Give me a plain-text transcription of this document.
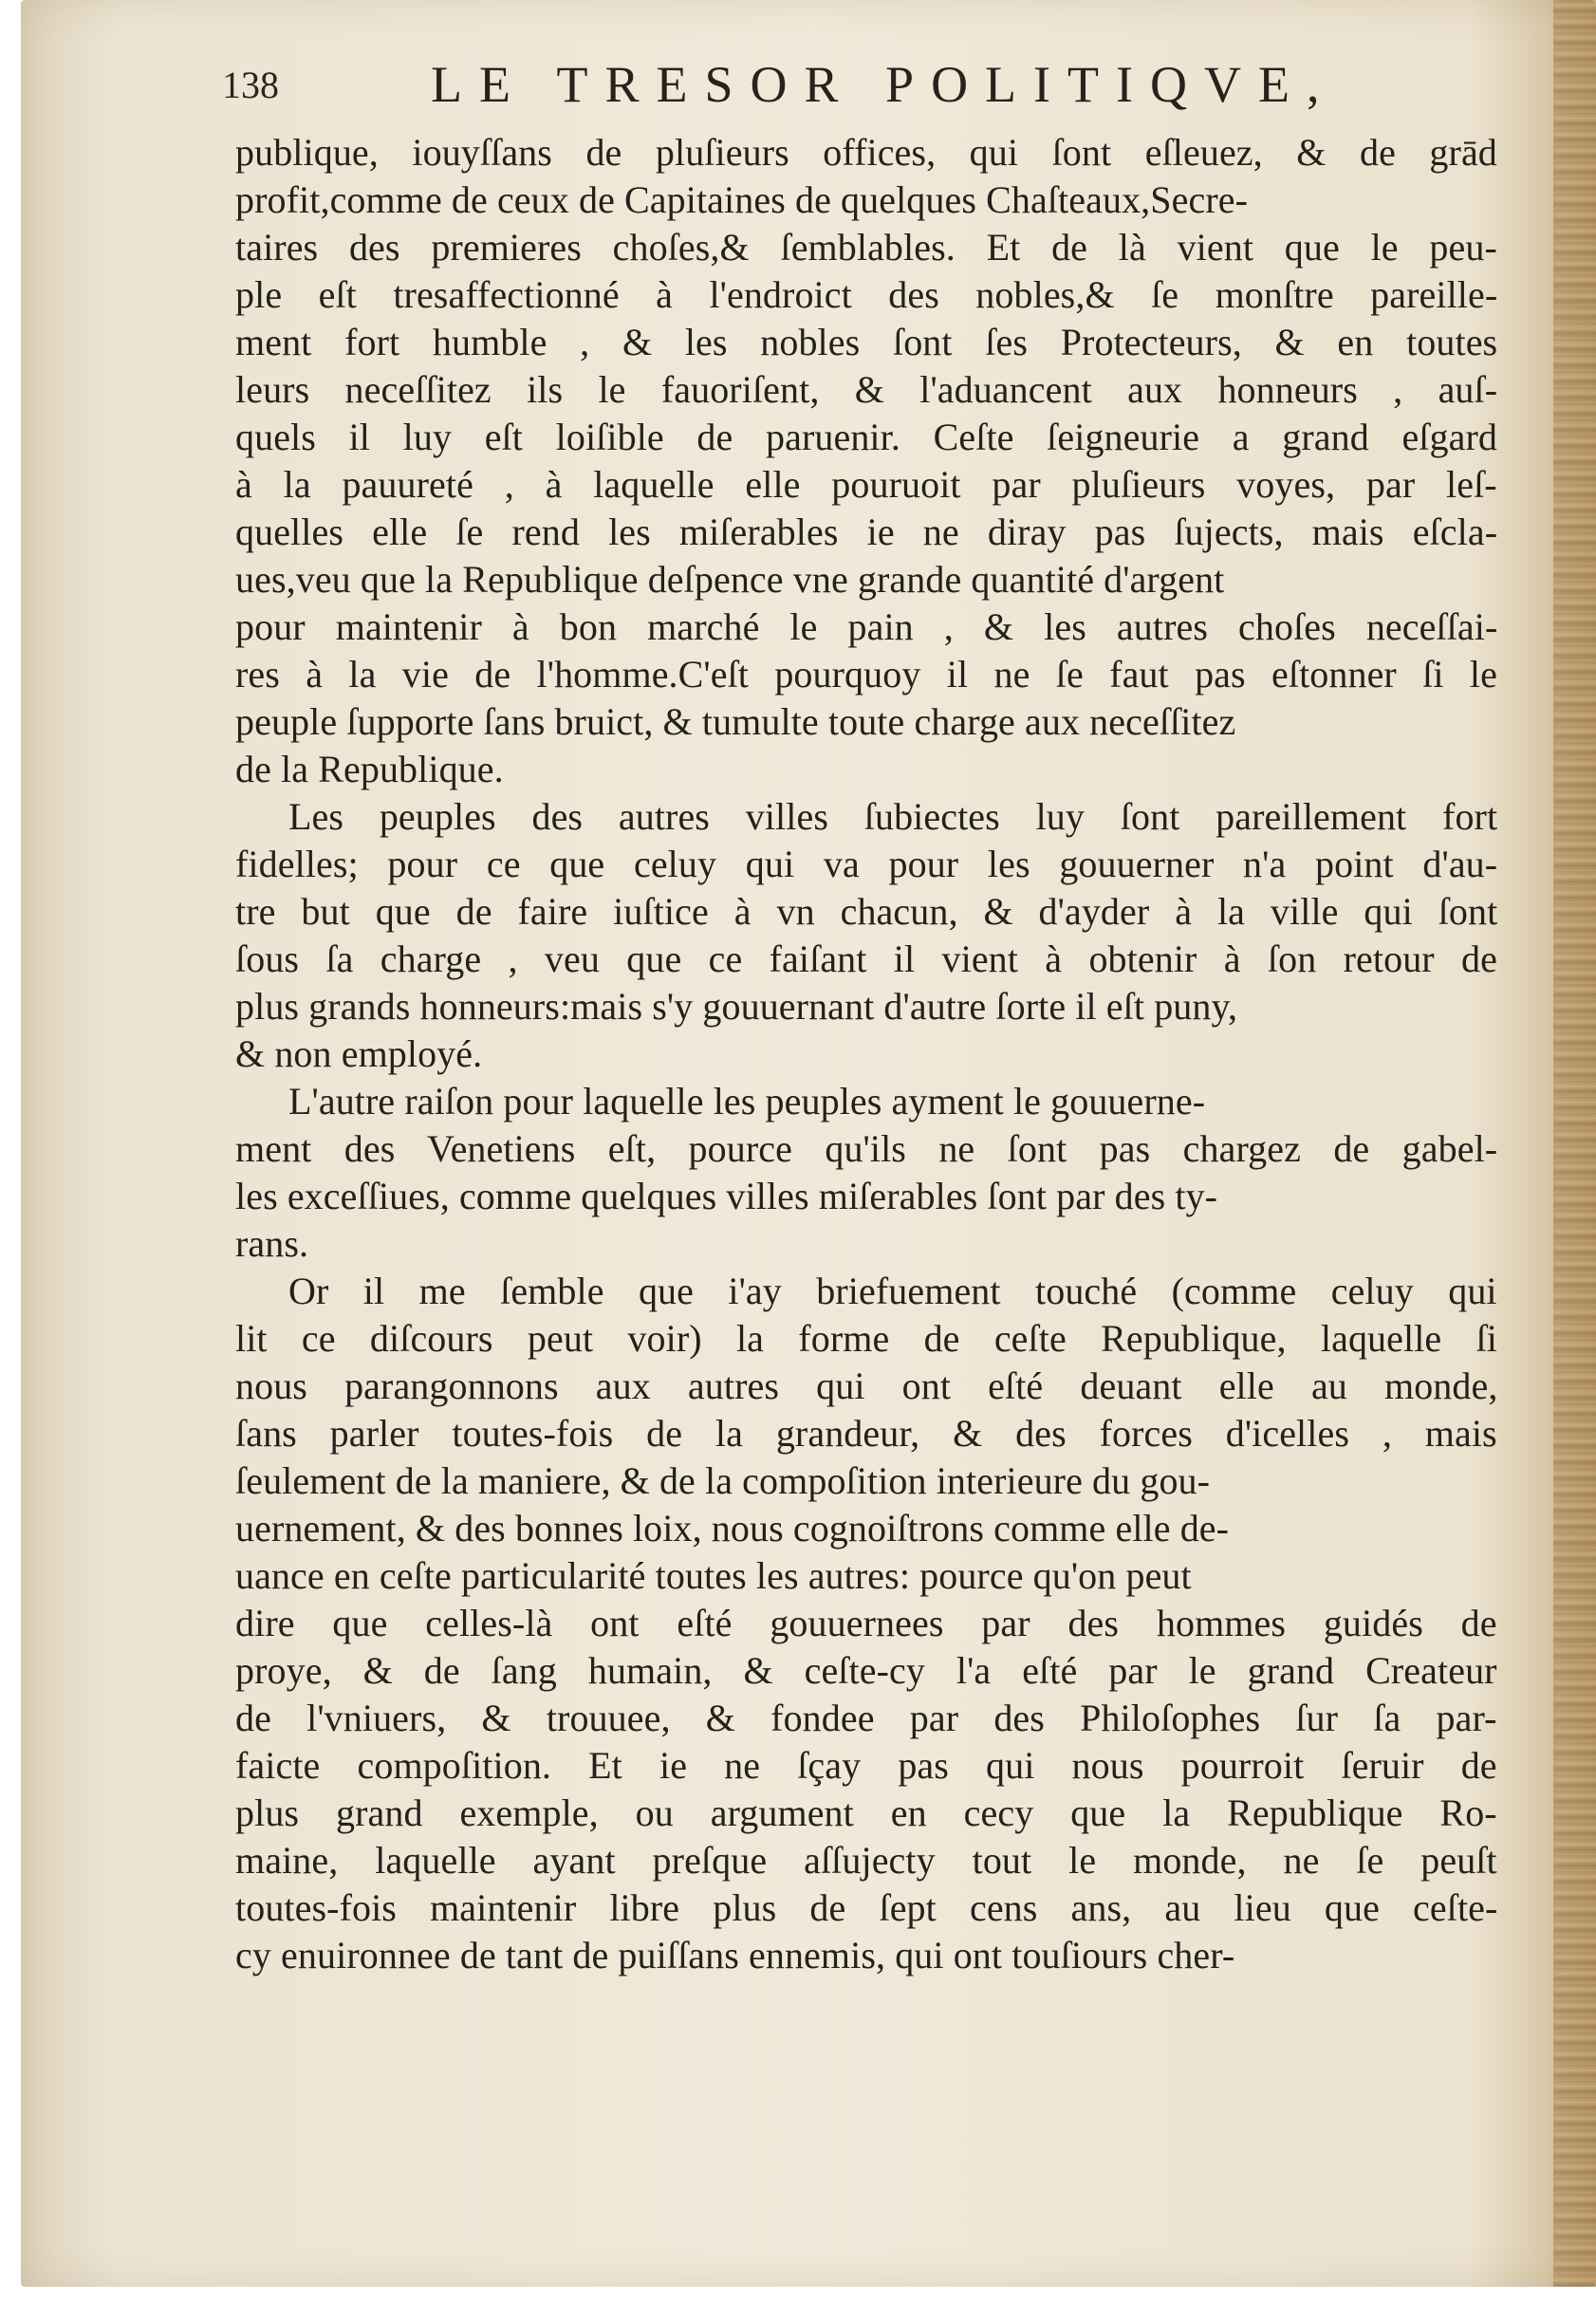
138	LE TRESOR POLITIQVE,
publique, iouyſſans de pluſieurs offices, qui ſont eſleuez, & de grād
profit,comme de ceux de Capitaines de quelques Chaſteaux,Secre-
taires des premieres choſes,& ſemblables. Et de là vient que le peu-
ple eſt tresaffectionné à l'endroict des nobles,& ſe monſtre pareille-
ment fort humble , & les nobles ſont ſes Protecteurs, & en toutes
leurs neceſſitez ils le fauoriſent, & l'aduancent aux honneurs , auſ-
quels il luy eſt loiſible de paruenir. Ceſte ſeigneurie a grand eſgard
à la pauureté , à laquelle elle pouruoit par pluſieurs voyes, par leſ-
quelles elle ſe rend les miſerables ie ne diray pas ſujects, mais eſcla-
ues,veu que la Republique deſpence vne grande quantité d'argent
pour maintenir à bon marché le pain , & les autres choſes neceſſai-
res à la vie de l'homme.C'eſt pourquoy il ne ſe faut pas eſtonner ſi le
peuple ſupporte ſans bruict, & tumulte toute charge aux neceſſitez
de la Republique.
Les peuples des autres villes ſubiectes luy ſont pareillement fort
fidelles; pour ce que celuy qui va pour les gouuerner n'a point d'au-
tre but que de faire iuſtice à vn chacun, & d'ayder à la ville qui ſont
ſous ſa charge , veu que ce faiſant il vient à obtenir à ſon retour de
plus grands honneurs:mais s'y gouuernant d'autre ſorte il eſt puny,
& non employé.
L'autre raiſon pour laquelle les peuples ayment le gouuerne-
ment des Venetiens eſt, pource qu'ils ne ſont pas chargez de gabel-
les exceſſiues, comme quelques villes miſerables ſont par des ty-
rans.
Or il me ſemble que i'ay briefuement touché (comme celuy qui
lit ce diſcours peut voir) la forme de ceſte Republique, laquelle ſi
nous parangonnons aux autres qui ont eſté deuant elle au monde,
ſans parler toutes-fois de la grandeur, & des forces d'icelles , mais
ſeulement de la maniere, & de la compoſition interieure du gou-
uernement, & des bonnes loix, nous cognoiſtrons comme elle de-
uance en ceſte particularité toutes les autres: pource qu'on peut
dire que celles-là ont eſté gouuernees par des hommes guidés de
proye, & de ſang humain, & ceſte-cy l'a eſté par le grand Createur
de l'vniuers, & trouuee, & fondee par des Philoſophes ſur ſa par-
faicte compoſition. Et ie ne ſçay pas qui nous pourroit ſeruir de
plus grand exemple, ou argument en cecy que la Republique Ro-
maine, laquelle ayant preſque aſſujecty tout le monde, ne ſe peuſt
toutes-fois maintenir libre plus de ſept cens ans, au lieu que ceſte-
cy enuironnee de tant de puiſſans ennemis, qui ont touſiours cher-
